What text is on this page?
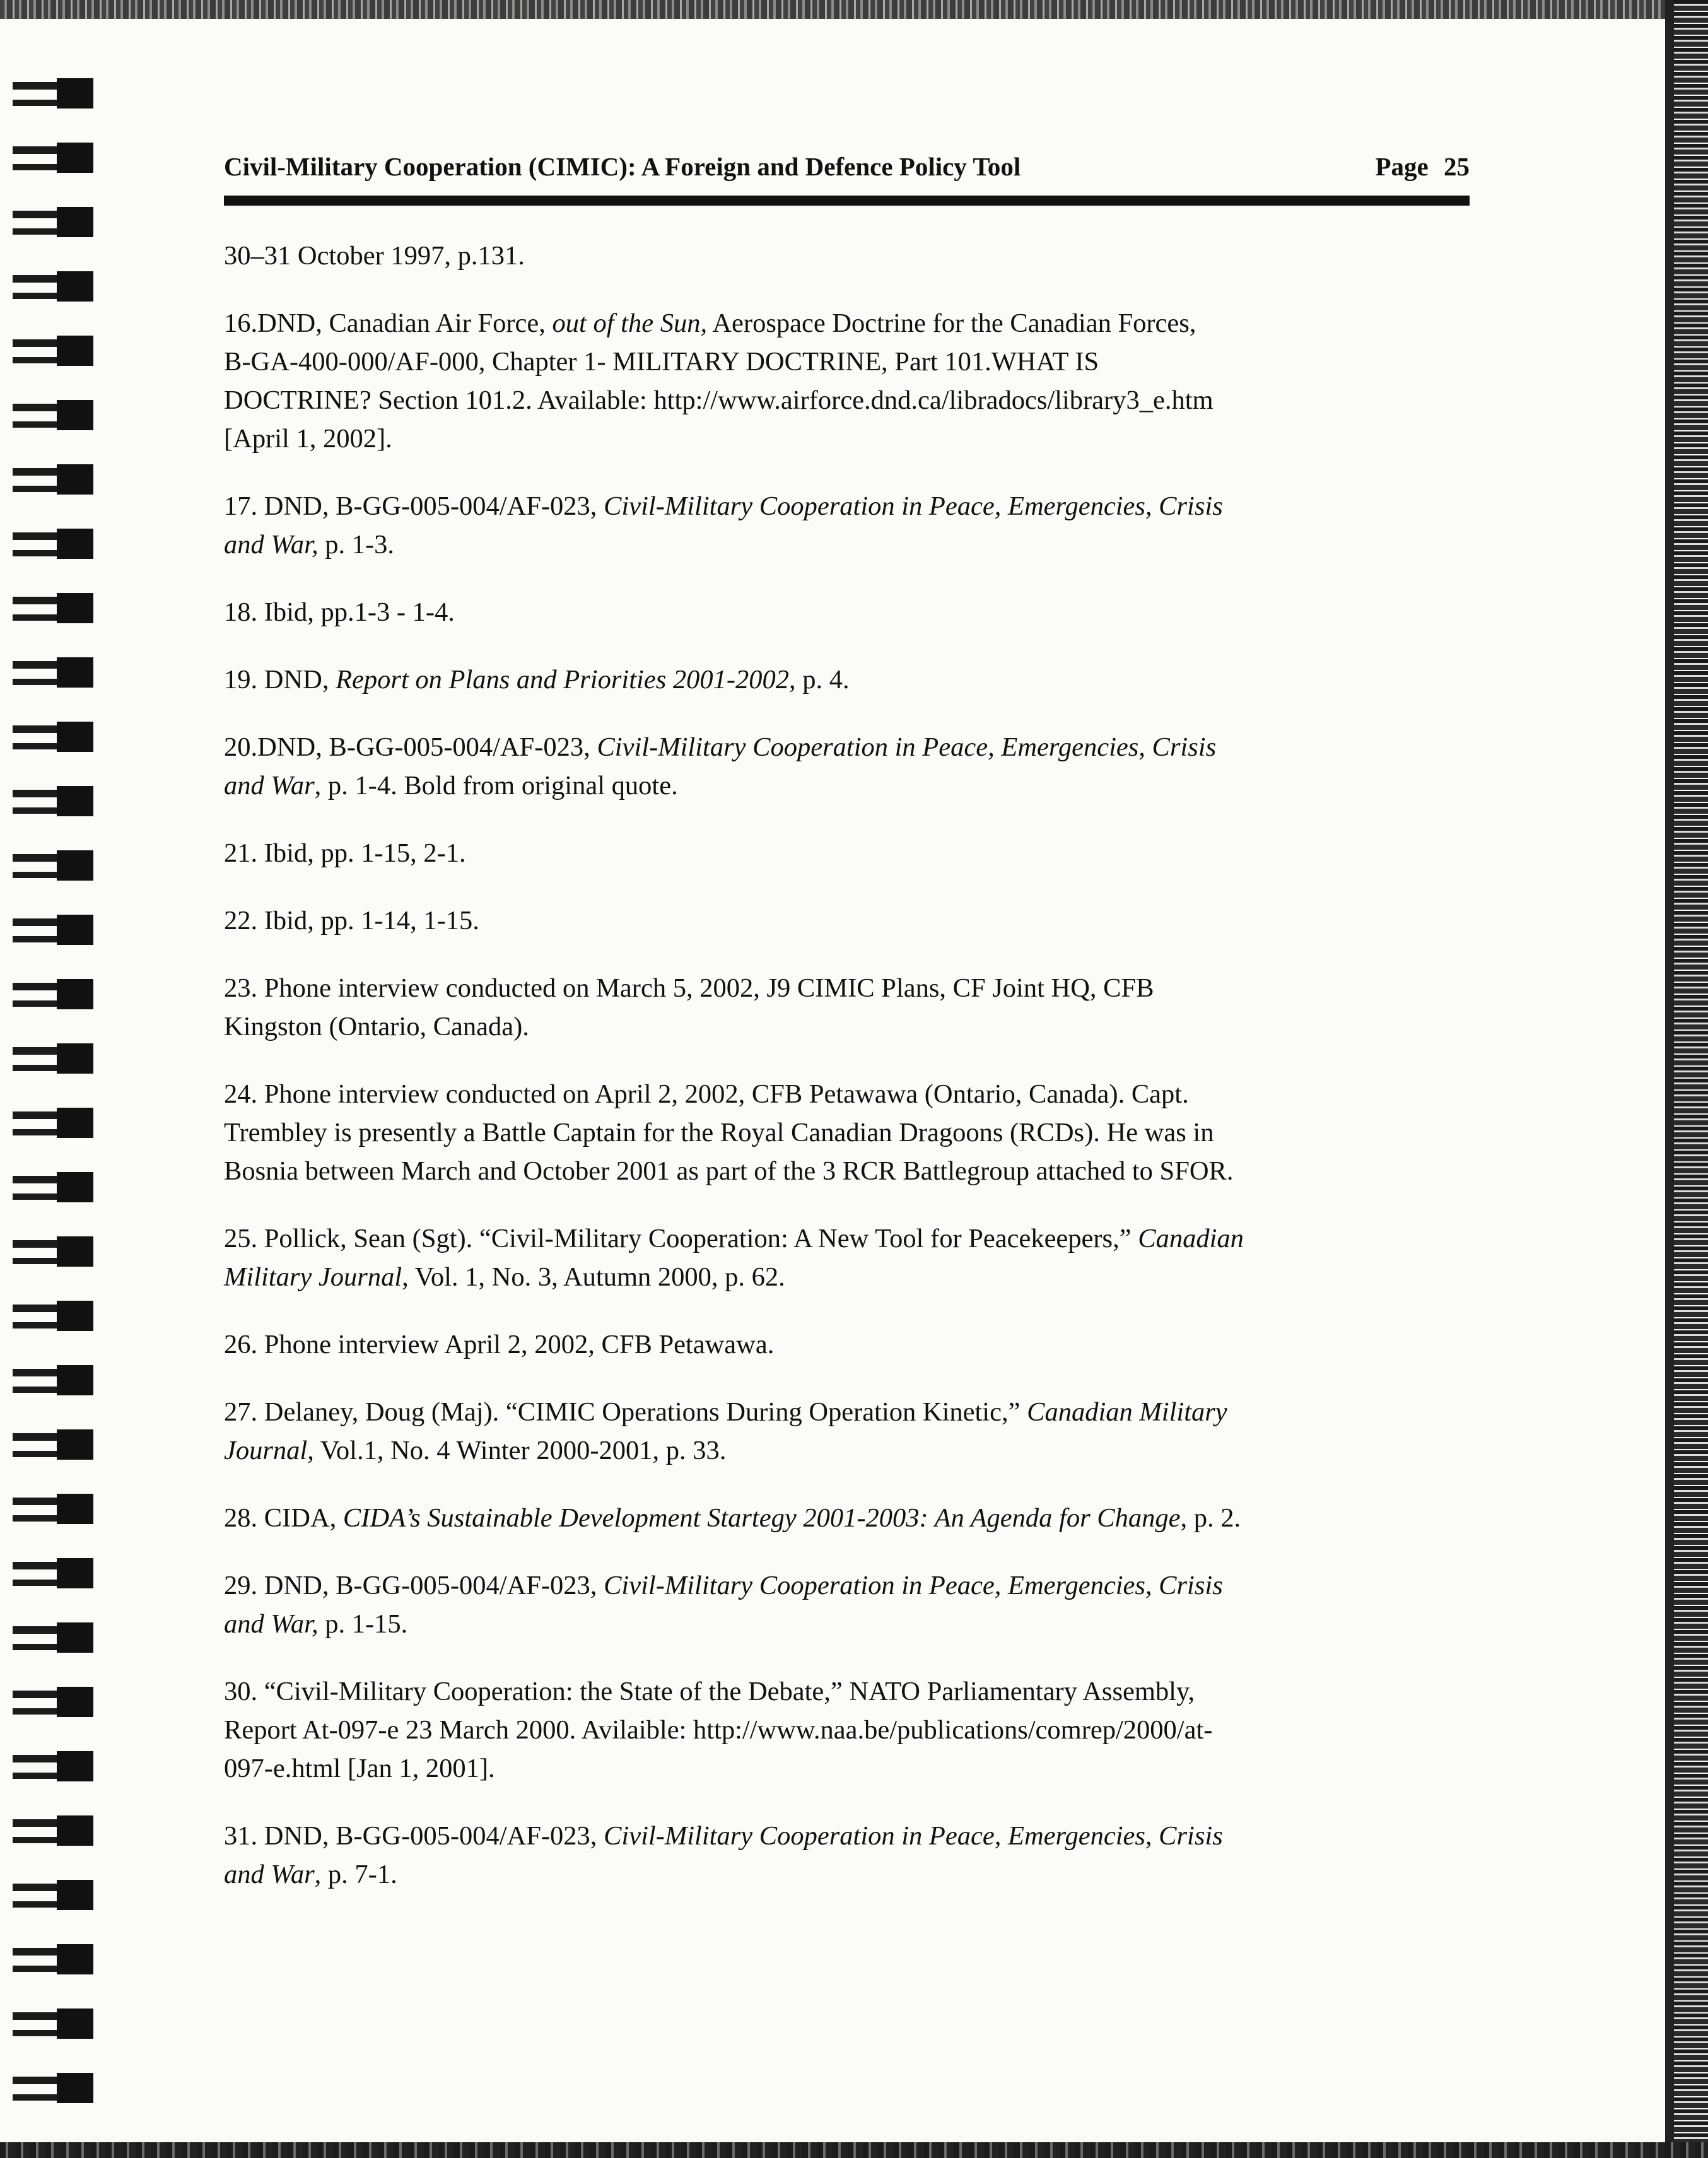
Civil-Military Cooperation (CIMIC): A Foreign and Defence Policy Tool	Page 25

30–31 October 1997, p.131.

16.DND, Canadian Air Force, out of the Sun, Aerospace Doctrine for the Canadian Forces,
B-GA-400-000/AF-000, Chapter 1- MILITARY DOCTRINE, Part 101.WHAT IS
DOCTRINE? Section 101.2. Available: http://www.airforce.dnd.ca/libradocs/library3_e.htm
[April 1, 2002].

17. DND, B-GG-005-004/AF-023, Civil-Military Cooperation in Peace, Emergencies, Crisis
and War, p. 1-3.

18. Ibid, pp.1-3 - 1-4.

19. DND, Report on Plans and Priorities 2001-2002, p. 4.

20.DND, B-GG-005-004/AF-023, Civil-Military Cooperation in Peace, Emergencies, Crisis
and War, p. 1-4. Bold from original quote.

21. Ibid, pp. 1-15, 2-1.

22. Ibid, pp. 1-14, 1-15.

23. Phone interview conducted on March 5, 2002, J9 CIMIC Plans, CF Joint HQ, CFB
Kingston (Ontario, Canada).

24. Phone interview conducted on April 2, 2002, CFB Petawawa (Ontario, Canada). Capt.
Trembley is presently a Battle Captain for the Royal Canadian Dragoons (RCDs). He was in
Bosnia between March and October 2001 as part of the 3 RCR Battlegroup attached to SFOR.

25. Pollick, Sean (Sgt). “Civil-Military Cooperation: A New Tool for Peacekeepers,” Canadian
Military Journal, Vol. 1, No. 3, Autumn 2000, p. 62.

26. Phone interview April 2, 2002, CFB Petawawa.

27. Delaney, Doug (Maj). “CIMIC Operations During Operation Kinetic,” Canadian Military
Journal, Vol.1, No. 4 Winter 2000-2001, p. 33.

28. CIDA, CIDA’s Sustainable Development Startegy 2001-2003: An Agenda for Change, p. 2.

29. DND, B-GG-005-004/AF-023, Civil-Military Cooperation in Peace, Emergencies, Crisis
and War, p. 1-15.

30. “Civil-Military Cooperation: the State of the Debate,” NATO Parliamentary Assembly,
Report At-097-e 23 March 2000. Avilaible: http://www.naa.be/publications/comrep/2000/at-
097-e.html [Jan 1, 2001].

31. DND, B-GG-005-004/AF-023, Civil-Military Cooperation in Peace, Emergencies, Crisis
and War, p. 7-1.
